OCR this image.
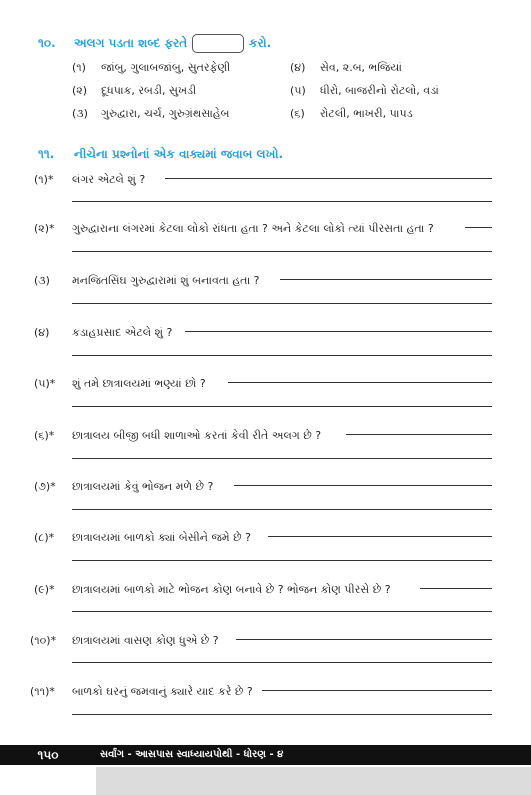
૧૦. અલગ પડતા શબ્દ ફરતે	કરો.
(૧) જાંબુ, ગુલાબજાંબુ, સુતરફેણી
(૨) દૂધપાક, રબડી, સુખડી
(૩) ગુરુદ્વારા, ચર્ચ, ગુરુગ્રંથસાહેબ
(૪) સેવ, ૨.બ, ભજિયાં
(૫) ધીરો, બાજરીનો રોટલો, વડાં
(૬) રોટલી, ભાખરી, પાપડ
૧૧. નીચેના પ્રશ્નોનાં એક વાક્યમાં જવાબ લખો.
(૧)* લંગર એટલે શું ?
(૨)* ગુરુદ્વારાના લંગરમાં કેટલા લોકો રાંધતા હતા ? અને કેટલા લોકો ત્યાં પીરસતા હતા ?
(૩) મનજિતસિંઘ ગુરુદ્વારામાં શું બનાવતા હતા ?
(૪) કડાહપ્રસાદ એટલે શું ?
(૫)* શું તમે છાત્રાલયમાં ભણ્યાં છો ?
(૬)* છાત્રાલય બીજી બધી શાળાઓ કરતાં કેવી રીતે અલગ છે ?
(૭)* છાત્રાલયમાં કેવું ભોજન મળે છે ?
(૮)* છાત્રાલયમાં બાળકો ક્યાં બેસીને જમે છે ?
(૯)* છાત્રાલયમાં બાળકો માટે ભોજન કોણ બનાવે છે ? ભોજન કોણ પીરસે છે ?
(૧૦)* છાત્રાલયમાં વાસણ કોણ ધુએ છે ?
(૧૧)* બાળકો ઘરનું જમવાનું ક્યારે યાદ કરે છે ?
૧૫૦	સર્વાંગ - આસપાસ સ્વાધ્યાયપોથી - ધોરણ - ૪
